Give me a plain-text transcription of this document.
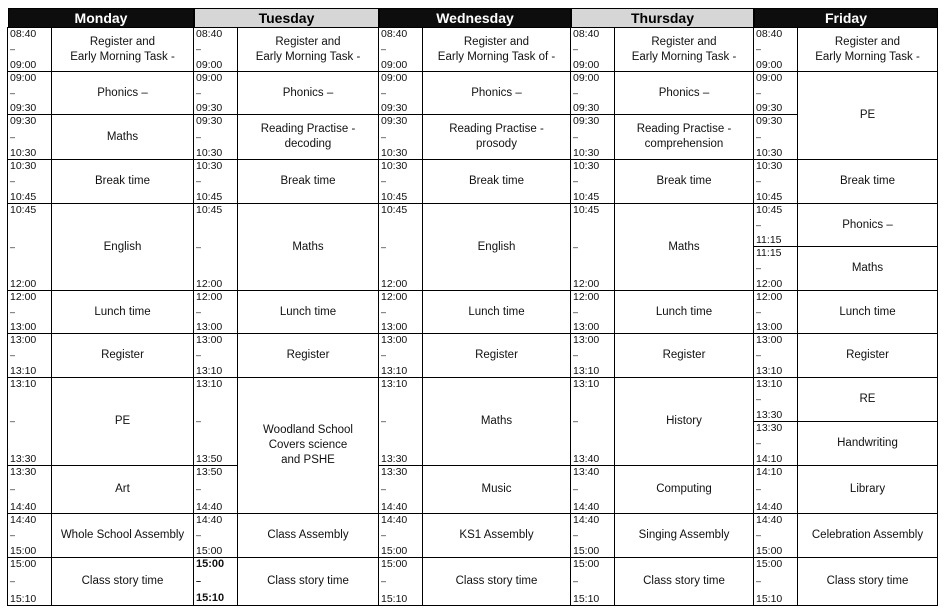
Monday
08:40
–
09:00
Register and
Early Morning Task -
09:00
–
09:30
Phonics –
09:30
–
10:30
Maths
10:30
–
10:45
Break time
10:45
–
12:00
English
12:00
–
13:00
Lunch time
13:00
–
13:10
Register
13:10
–
13:30
PE
13:30
–
14:40
Art
14:40
–
15:00
Whole School Assembly
15:00
–
15:10
Class story time
Tuesday
08:40
–
09:00
Register and
Early Morning Task -
09:00
–
09:30
Phonics –
09:30
–
10:30
Reading Practise -
decoding
10:30
–
10:45
Break time
10:45
–
12:00
Maths
12:00
–
13:00
Lunch time
13:00
–
13:10
Register
13:10
–
13:50
Woodland School
Covers science
and PSHE
13:50
–
14:40
14:40
–
15:00
Class Assembly
15:00
–
15:10
Class story time
Wednesday
08:40
–
09:00
Register and
Early Morning Task of -
09:00
–
09:30
Phonics –
09:30
–
10:30
Reading Practise -
prosody
10:30
–
10:45
Break time
10:45
–
12:00
English
12:00
–
13:00
Lunch time
13:00
–
13:10
Register
13:10
–
13:30
Maths
13:30
–
14:40
Music
14:40
–
15:00
KS1 Assembly
15:00
–
15:10
Class story time
Thursday
08:40
–
09:00
Register and
Early Morning Task -
09:00
–
09:30
Phonics –
09:30
–
10:30
Reading Practise -
comprehension
10:30
–
10:45
Break time
10:45
–
12:00
Maths
12:00
–
13:00
Lunch time
13:00
–
13:10
Register
13:10
–
13:40
History
13:40
–
14:40
Computing
14:40
–
15:00
Singing Assembly
15:00
–
15:10
Class story time
Friday
08:40
–
09:00
Register and
Early Morning Task -
09:00
–
09:30
PE
09:30
–
10:30
10:30
–
10:45
Break time
10:45
–
11:15
Phonics –
11:15
–
12:00
Maths
12:00
–
13:00
Lunch time
13:00
–
13:10
Register
13:10
–
13:30
RE
13:30
–
14:10
Handwriting
14:10
–
14:40
Library
14:40
–
15:00
Celebration Assembly
15:00
–
15:10
Class story time
